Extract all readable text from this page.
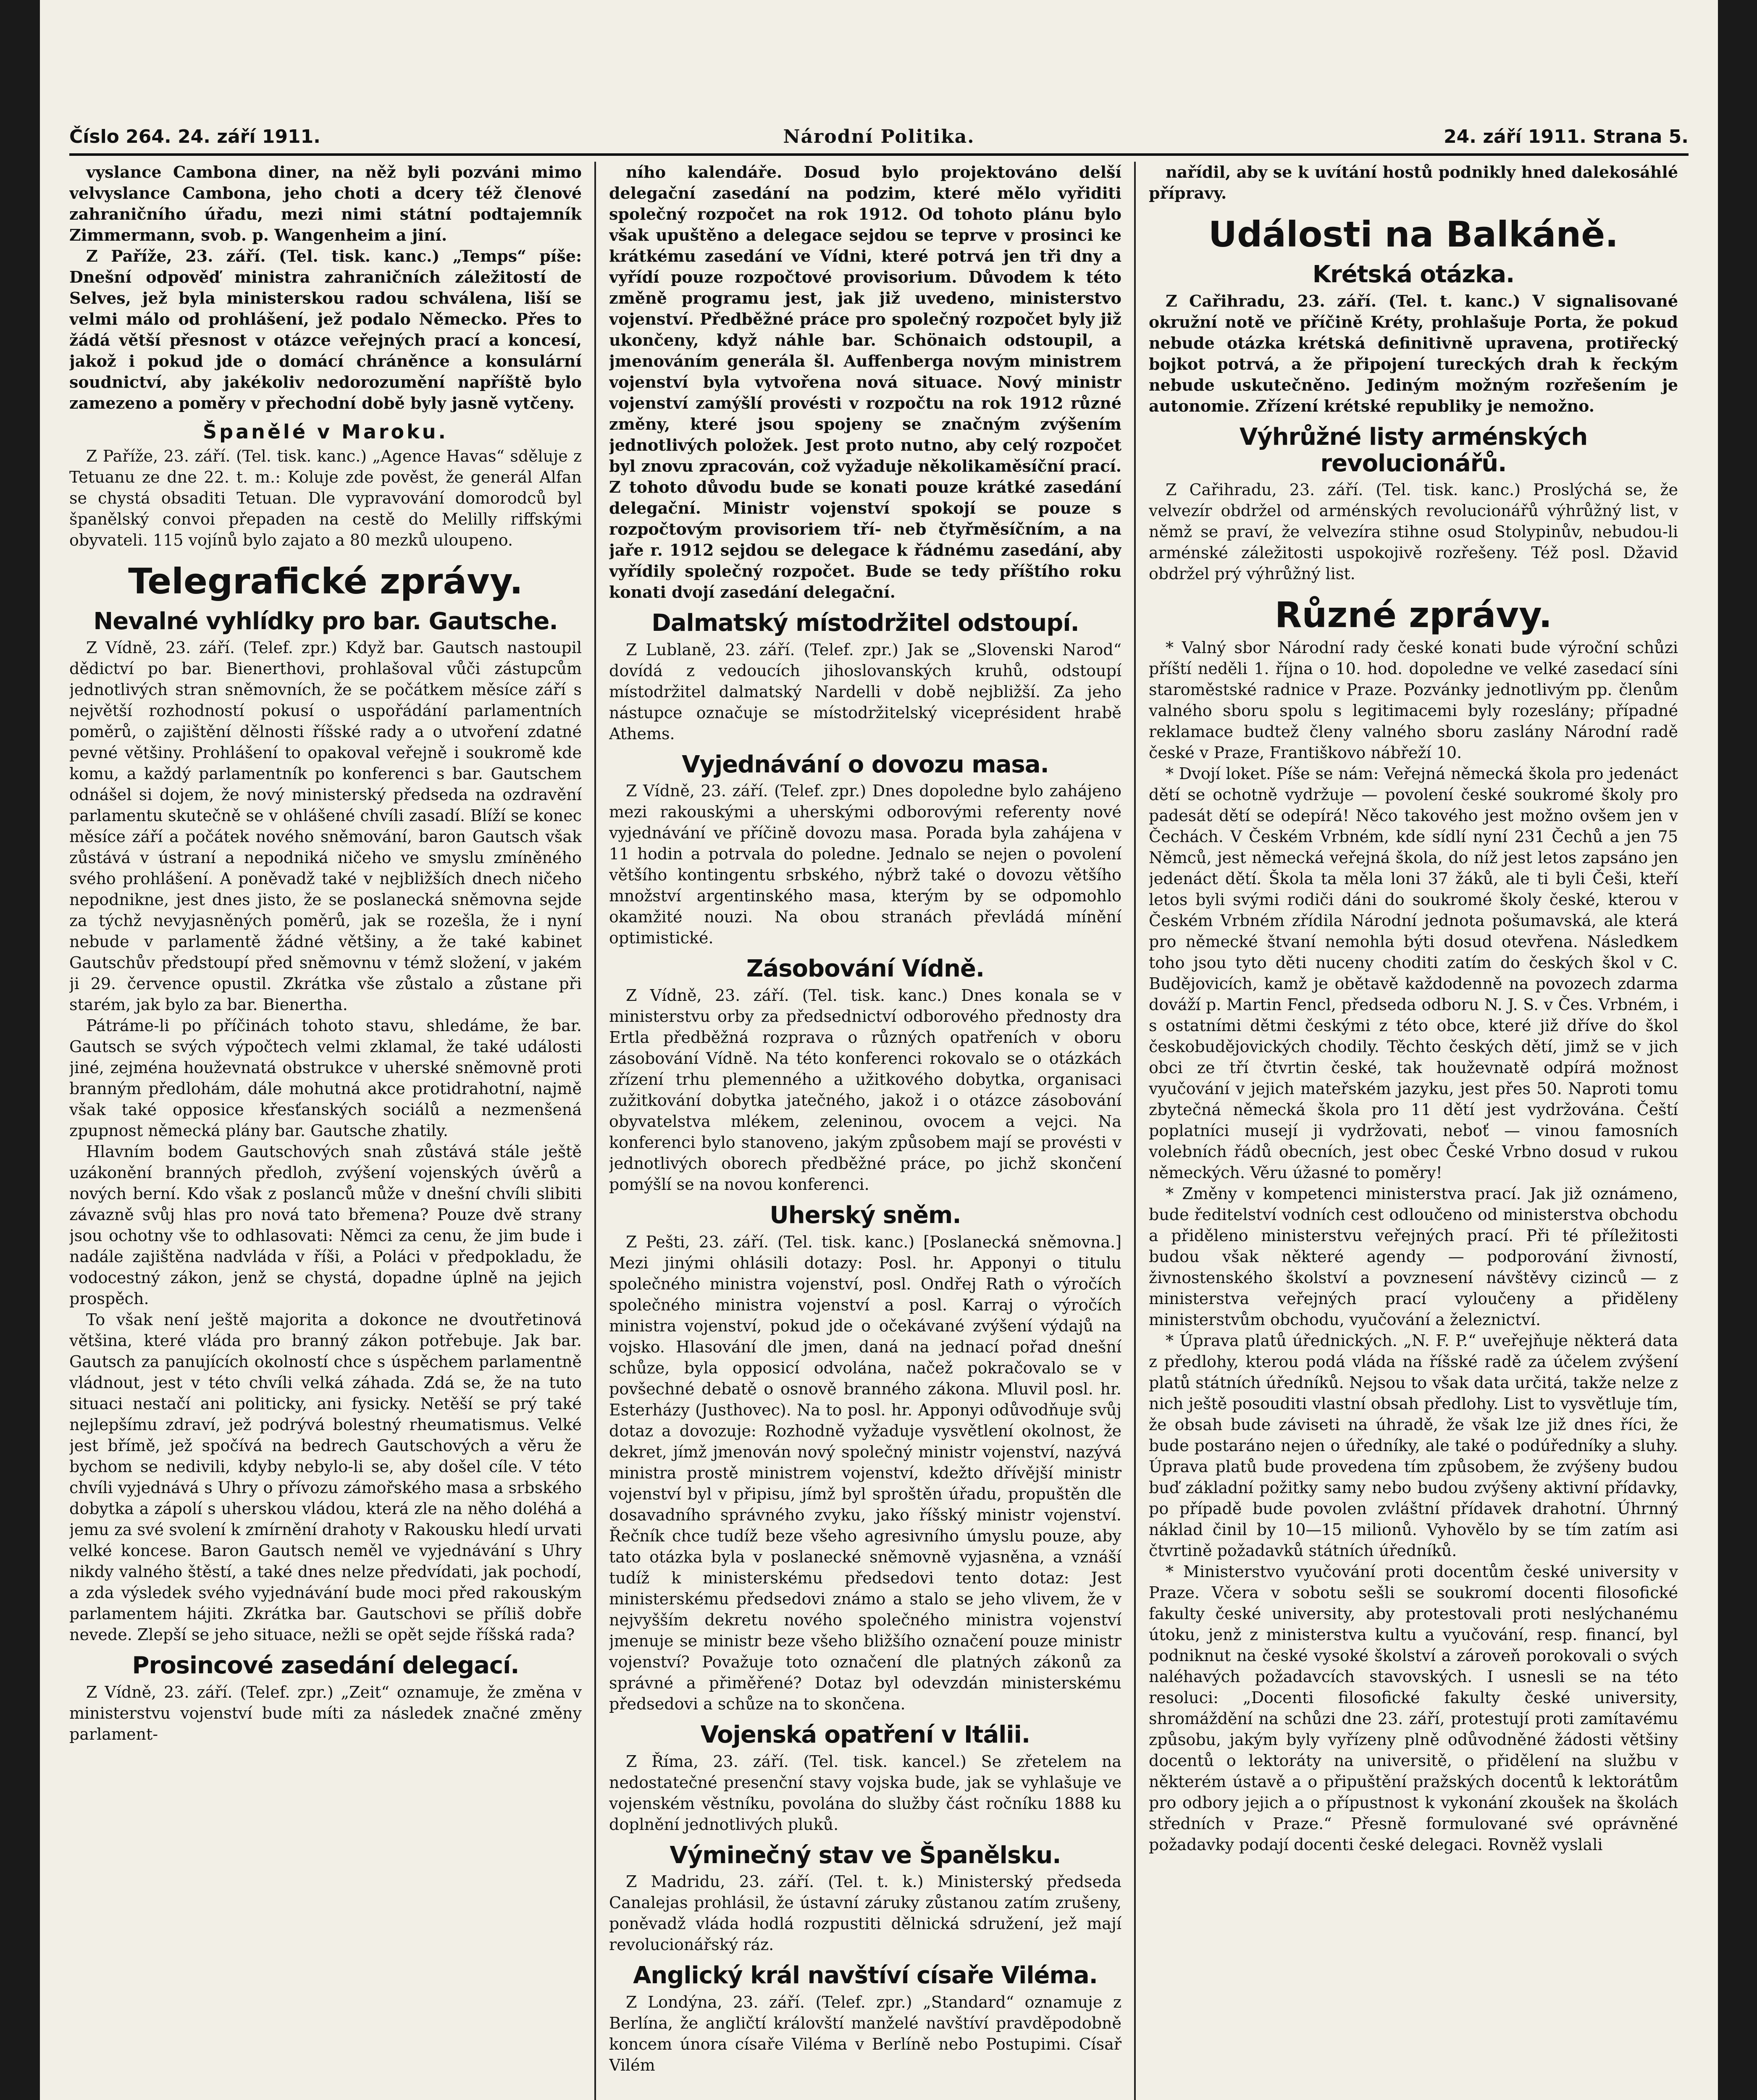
Číslo 264. 24. září 1911.	Národní Politika.	24. září 1911. Strana 5.

vyslance Cambona diner, na něž byli pozváni mimo velvyslance Cambona, jeho choti a dcery též členové zahraničního úřadu, mezi nimi státní podtajemník Zimmermann, svob. p. Wangenheim a jiní.

Z Paříže, 23. září. (Tel. tisk. kanc.) „Temps“ píše: Dnešní odpověď ministra zahraničních záležitostí de Selves, jež byla ministerskou radou schválena, liší se velmi málo od prohlášení, jež podalo Německo. Přes to žádá větší přesnost v otázce veřejných prací a koncesí, jakož i pokud jde o domácí chráněnce a konsulární soudnictví, aby jakékoliv nedorozumění napříště bylo zamezeno a poměry v přechodní době byly jasně vytčeny.

Španělé v Maroku.

Z Paříže, 23. září. (Tel. tisk. kanc.) „Agence Havas“ sděluje z Tetuanu ze dne 22. t. m.: Koluje zde pověst, že generál Alfan se chystá obsaditi Tetuan. Dle vypravování domorodců byl španělský convoi přepaden na cestě do Melilly riffskými obyvateli. 115 vojínů bylo zajato a 80 mezků uloupeno.

Telegrafické zprávy.
Nevalné vyhlídky pro bar. Gautsche.

Z Vídně, 23. září. (Telef. zpr.) Když bar. Gautsch nastoupil dědictví po bar. Bienerthovi, prohlašoval vůči zástupcům jednotlivých stran sněmovních, že se počátkem měsíce září s největší rozhodností pokusí o uspořádání parlamentních poměrů, o zajištění dělnosti říšské rady a o utvoření zdatné pevné většiny. Prohlášení to opakoval veřejně i soukromě kde komu, a každý parlamentník po konferenci s bar. Gautschem odnášel si dojem, že nový ministerský předseda na ozdravění parlamentu skutečně se v ohlášené chvíli zasadí. Blíží se konec měsíce září a počátek nového sněmování, baron Gautsch však zůstává v ústraní a nepodniká ničeho ve smyslu zmíněného svého prohlášení. A poněvadž také v nejbližších dnech ničeho nepodnikne, jest dnes jisto, že se poslanecká sněmovna sejde za týchž nevyjasněných poměrů, jak se rozešla, že i nyní nebude v parlamentě žádné většiny, a že také kabinet Gautschův předstoupí před sněmovnu v témž složení, v jakém ji 29. července opustil. Zkrátka vše zůstalo a zůstane při starém, jak bylo za bar. Bienertha.

Pátráme-li po příčinách tohoto stavu, shledáme, že bar. Gautsch se svých výpočtech velmi zklamal, že také události jiné, zejména houževnatá obstrukce v uherské sněmovně proti branným předlohám, dále mohutná akce protidrahotní, najmě však také opposice křesťanských sociálů a nezmenšená zpupnost německá plány bar. Gautsche zhatily.

Hlavním bodem Gautschových snah zůstává stále ještě uzákonění branných předloh, zvýšení vojenských úvěrů a nových berní. Kdo však z poslanců může v dnešní chvíli slibiti závazně svůj hlas pro nová tato břemena? Pouze dvě strany jsou ochotny vše to odhlasovati: Němci za cenu, že jim bude i nadále zajištěna nadvláda v říši, a Poláci v předpokladu, že vodocestný zákon, jenž se chystá, dopadne úplně na jejich prospěch.

To však není ještě majorita a dokonce ne dvoutřetinová většina, které vláda pro branný zákon potřebuje. Jak bar. Gautsch za panujících okolností chce s úspěchem parlamentně vládnout, jest v této chvíli velká záhada. Zdá se, že na tuto situaci nestačí ani politicky, ani fysicky. Netěší se prý také nejlepšímu zdraví, jež podrývá bolestný rheumatismus. Velké jest břímě, jež spočívá na bedrech Gautschových a věru že bychom se nedivili, kdyby nebylo-li se, aby došel cíle. V této chvíli vyjednává s Uhry o přívozu zámořského masa a srbského dobytka a zápolí s uherskou vládou, která zle na něho doléhá a jemu za své svolení k zmírnění drahoty v Rakousku hledí urvati velké koncese. Baron Gautsch neměl ve vyjednávání s Uhry nikdy valného štěstí, a také dnes nelze předvídati, jak pochodí, a zda výsledek svého vyjednávání bude moci před rakouským parlamentem hájiti. Zkrátka bar. Gautschovi se příliš dobře nevede. Zlepší se jeho situace, nežli se opět sejde říšská rada?

Prosincové zasedání delegací.

Z Vídně, 23. září. (Telef. zpr.) „Zeit“ oznamuje, že změna v ministerstvu vojenství bude míti za následek značné změny parlament-

ního kalendáře. Dosud bylo projektováno delší delegační zasedání na podzim, které mělo vyřiditi společný rozpočet na rok 1912. Od tohoto plánu bylo však upuštěno a delegace sejdou se teprve v prosinci ke krátkému zasedání ve Vídni, které potrvá jen tři dny a vyřídí pouze rozpočtové provisorium. Důvodem k této změně programu jest, jak již uvedeno, ministerstvo vojenství. Předběžné práce pro společný rozpočet byly již ukončeny, když náhle bar. Schönaich odstoupil, a jmenováním generála šl. Auffenberga novým ministrem vojenství byla vytvořena nová situace. Nový ministr vojenství zamýšlí provésti v rozpočtu na rok 1912 různé změny, které jsou spojeny se značným zvýšením jednotlivých položek. Jest proto nutno, aby celý rozpočet byl znovu zpracován, což vyžaduje několikaměsíční prací. Z tohoto důvodu bude se konati pouze krátké zasedání delegační. Ministr vojenství spokojí se pouze s rozpočtovým provisoriem tří- neb čtyřměsíčním, a na jaře r. 1912 sejdou se delegace k řádnému zasedání, aby vyřídily společný rozpočet. Bude se tedy příštího roku konati dvojí zasedání delegační.

Dalmatský místodržitel odstoupí.

Z Lublaně, 23. září. (Telef. zpr.) Jak se „Slovenski Narod“ dovídá z vedoucích jihoslovanských kruhů, odstoupí místodržitel dalmatský Nardelli v době nejbližší. Za jeho nástupce označuje se místodržitelský viceprésident hrabě Athems.

Vyjednávání o dovozu masa.

Z Vídně, 23. září. (Telef. zpr.) Dnes dopoledne bylo zahájeno mezi rakouskými a uherskými odborovými referenty nové vyjednávání ve příčině dovozu masa. Porada byla zahájena v 11 hodin a potrvala do poledne. Jednalo se nejen o povolení většího kontingentu srbského, nýbrž také o dovozu většího množství argentinského masa, kterým by se odpomohlo okamžité nouzi. Na obou stranách převládá mínění optimistické.

Zásobování Vídně.

Z Vídně, 23. září. (Tel. tisk. kanc.) Dnes konala se v ministerstvu orby za předsednictví odborového přednosty dra Ertla předběžná rozprava o různých opatřeních v oboru zásobování Vídně. Na této konferenci rokovalo se o otázkách zřízení trhu plemenného a užitkového dobytka, organisaci zužitkování dobytka jatečného, jakož i o otázce zásobování obyvatelstva mlékem, zeleninou, ovocem a vejci. Na konferenci bylo stanoveno, jakým způsobem mají se provésti v jednotlivých oborech předběžné práce, po jichž skončení pomýšlí se na novou konferenci.

Uherský sněm.

Z Pešti, 23. září. (Tel. tisk. kanc.) [Poslanecká sněmovna.] Mezi jinými ohlásili dotazy: Posl. hr. Apponyi o titulu společného ministra vojenství, posl. Ondřej Rath o výročích společného ministra vojenství a posl. Karraj o výročích ministra vojenství, pokud jde o očekávané zvýšení výdajů na vojsko. Hlasování dle jmen, daná na jednací pořad dnešní schůze, byla opposicí odvolána, načež pokračovalo se v povšechné debatě o osnově branného zákona. Mluvil posl. hr. Esterházy (Justhovec). Na to posl. hr. Apponyi odůvodňuje svůj dotaz a dovozuje: Rozhodně vyžaduje vysvětlení okolnost, že dekret, jímž jmenován nový společný ministr vojenství, nazývá ministra prostě ministrem vojenství, kdežto dřívější ministr vojenství byl v připisu, jímž byl sproštěn úřadu, propuštěn dle dosavadního správného zvyku, jako říšský ministr vojenství. Řečník chce tudíž beze všeho agresivního úmyslu pouze, aby tato otázka byla v poslanecké sněmovně vyjasněna, a vznáší tudíž k ministerskému předsedovi tento dotaz: Jest ministerskému předsedovi známo a stalo se jeho vlivem, že v nejvyšším dekretu nového společného ministra vojenství jmenuje se ministr beze všeho bližšího označení pouze ministr vojenství? Považuje toto označení dle platných zákonů za správné a přiměřené? Dotaz byl odevzdán ministerskému předsedovi a schůze na to skončena.

Vojenská opatření v Itálii.

Z Říma, 23. září. (Tel. tisk. kancel.) Se zřetelem na nedostatečné presenční stavy vojska bude, jak se vyhlašuje ve vojenském věstníku, povolána do služby část ročníku 1888 ku doplnění jednotlivých pluků.

Výminečný stav ve Španělsku.

Z Madridu, 23. září. (Tel. t. k.) Ministerský předseda Canalejas prohlásil, že ústavní záruky zůstanou zatím zrušeny, poněvadž vláda hodlá rozpustiti dělnická sdružení, jež mají revolucionářský ráz.

Anglický král navštíví císaře Viléma.

Z Londýna, 23. září. (Telef. zpr.) „Standard“ oznamuje z Berlína, že angličtí královští manželé navštíví pravděpodobně koncem února císaře Viléma v Berlíně nebo Postupimi. Císař Vilém

nařídil, aby se k uvítání hostů podnikly hned dalekosáhlé přípravy.

Události na Balkáně.
Krétská otázka.

Z Cařihradu, 23. září. (Tel. t. kanc.) V signalisované okružní notě ve příčině Kréty, prohlašuje Porta, že pokud nebude otázka krétská definitivně upravena, protiřecký bojkot potrvá, a že připojení tureckých drah k řeckým nebude uskutečněno. Jediným možným rozřešením je autonomie. Zřízení krétské republiky je nemožno.

Výhrůžné listy arménských revolucionářů.

Z Cařihradu, 23. září. (Tel. tisk. kanc.) Proslýchá se, že velvezír obdržel od arménských revolucionářů výhrůžný list, v němž se praví, že velvezíra stihne osud Stolypinův, nebudou-li arménské záležitosti uspokojivě rozřešeny. Též posl. Džavid obdržel prý výhrůžný list.

Různé zprávy.

* Valný sbor Národní rady české konati bude výroční schůzi příští neděli 1. října o 10. hod. dopoledne ve velké zasedací síni staroměstské radnice v Praze. Pozvánky jednotlivým pp. členům valného sboru spolu s legitimacemi byly rozeslány; případné reklamace budtež členy valného sboru zaslány Národní radě české v Praze, Františkovo nábřeží 10.

* Dvojí loket. Píše se nám: Veřejná německá škola pro jedenáct dětí se ochotně vydržuje — povolení české soukromé školy pro padesát dětí se odepírá! Něco takového jest možno ovšem jen v Čechách. V Českém Vrbném, kde sídlí nyní 231 Čechů a jen 75 Němců, jest německá veřejná škola, do níž jest letos zapsáno jen jedenáct dětí. Škola ta měla loni 37 žáků, ale ti byli Češi, kteří letos byli svými rodiči dáni do soukromé školy české, kterou v Českém Vrbném zřídila Národní jednota pošumavská, ale která pro německé štvaní nemohla býti dosud otevřena. Následkem toho jsou tyto děti nuceny choditi zatím do českých škol v C. Budějovicích, kamž je obětavě každodenně na povozech zdarma dováží p. Martin Fencl, předseda odboru N. J. S. v Čes. Vrbném, i s ostatními dětmi českými z této obce, které již dříve do škol českobudějovických chodily. Těchto českých dětí, jimž se v jich obci ze tří čtvrtin české, tak houževnatě odpírá možnost vyučování v jejich mateřském jazyku, jest přes 50. Naproti tomu zbytečná německá škola pro 11 dětí jest vydržována. Čeští poplatníci musejí ji vydržovati, neboť — vinou famosních volebních řádů obecních, jest obec České Vrbno dosud v rukou německých. Věru úžasné to poměry!

* Změny v kompetenci ministerstva prací. Jak již oznámeno, bude ředitelství vodních cest odloučeno od ministerstva obchodu a přiděleno ministerstvu veřejných prací. Při té příležitosti budou však některé agendy — podporování živností, živnostenského školství a povznesení návštěvy cizinců — z ministerstva veřejných prací vyloučeny a přiděleny ministerstvům obchodu, vyučování a železnictví.

* Úprava platů úřednických. „N. F. P.“ uveřejňuje některá data z předlohy, kterou podá vláda na říšské radě za účelem zvýšení platů státních úředníků. Nejsou to však data určitá, takže nelze z nich ještě posouditi vlastní obsah předlohy. List to vysvětluje tím, že obsah bude záviseti na úhradě, že však lze již dnes říci, že bude postaráno nejen o úředníky, ale také o podúředníky a sluhy. Úprava platů bude provedena tím způsobem, že zvýšeny budou buď základní požitky samy nebo budou zvýšeny aktivní přídavky, po případě bude povolen zvláštní přídavek drahotní. Úhrnný náklad činil by 10—15 milionů. Vyhovělo by se tím zatím asi čtvrtině požadavků státních úředníků.

* Ministerstvo vyučování proti docentům české university v Praze. Včera v sobotu sešli se soukromí docenti filosofické fakulty české university, aby protestovali proti neslýchanému útoku, jenž z ministerstva kultu a vyučování, resp. financí, byl podniknut na české vysoké školství a zároveň porokovali o svých naléhavých požadavcích stavovských. I usnesli se na této resoluci: „Docenti filosofické fakulty české university, shromáždění na schůzi dne 23. září, protestují proti zamítavému způsobu, jakým byly vyřízeny plně odůvodněné žádosti většiny docentů o lektoráty na universitě, o přidělení na službu v některém ústavě a o připuštění pražských docentů k lektorátům pro odbory jejich a o přípustnost k vykonání zkoušek na školách středních v Praze.“ Přesně formulované své oprávněné požadavky podají docenti české delegaci. Rovněž vyslali
